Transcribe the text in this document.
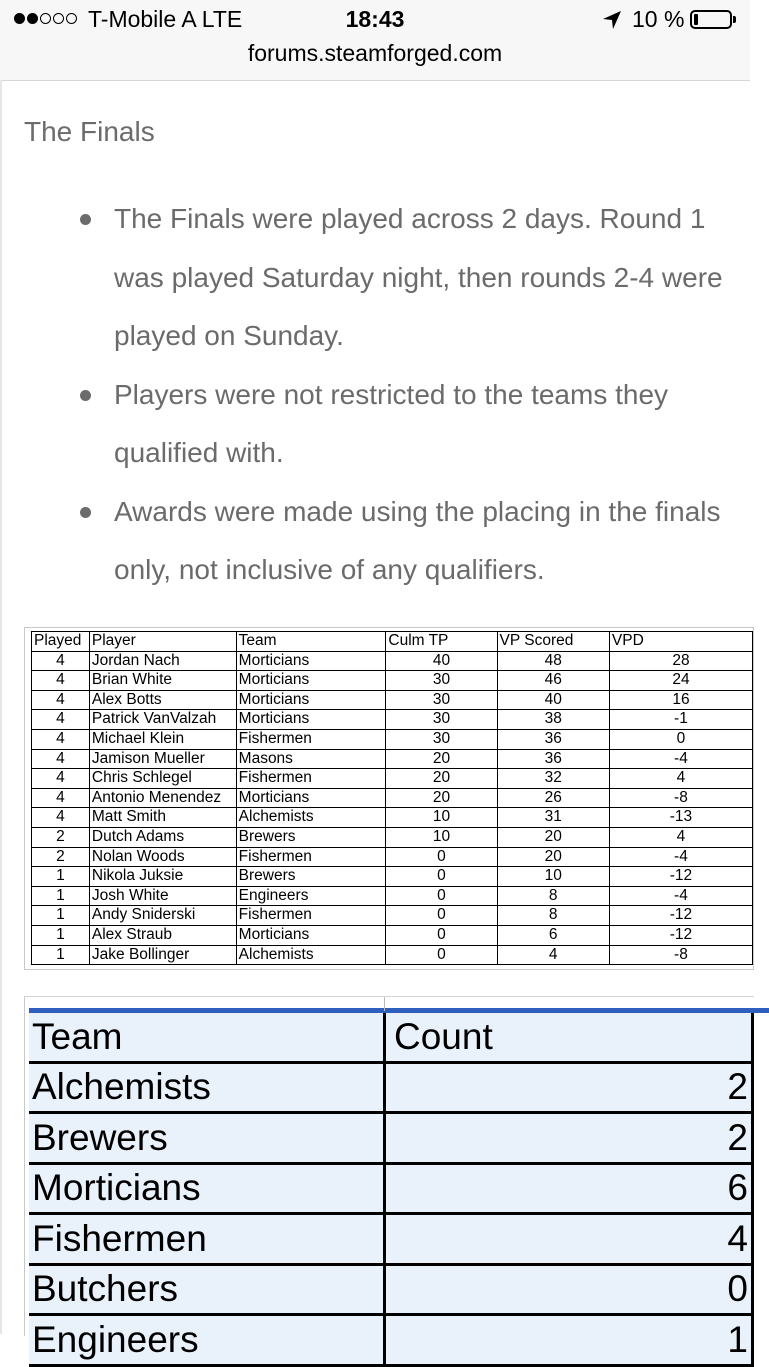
T-Mobile A LTE	18:43	10 %
forums.steamforged.com
The Finals
The Finals were played across 2 days. Round 1
was played Saturday night, then rounds 2-4 were
played on Sunday.
Players were not restricted to the teams they
qualified with.
Awards were made using the placing in the finals
only, not inclusive of any qualifiers.
Played	Player	Team	Culm TP	VP Scored	VPD
4	Jordan Nach	Morticians	40	48	28
4	Brian White	Morticians	30	46	24
4	Alex Botts	Morticians	30	40	16
4	Patrick VanValzah	Morticians	30	38	-1
4	Michael Klein	Fishermen	30	36	0
4	Jamison Mueller	Masons	20	36	-4
4	Chris Schlegel	Fishermen	20	32	4
4	Antonio Menendez	Morticians	20	26	-8
4	Matt Smith	Alchemists	10	31	-13
2	Dutch Adams	Brewers	10	20	4
2	Nolan Woods	Fishermen	0	20	-4
1	Nikola Juksie	Brewers	0	10	-12
1	Josh White	Engineers	0	8	-4
1	Andy Sniderski	Fishermen	0	8	-12
1	Alex Straub	Morticians	0	6	-12
1	Jake Bollinger	Alchemists	0	4	-8
Team	Count
Alchemists	2
Brewers	2
Morticians	6
Fishermen	4
Butchers	0
Engineers	1
